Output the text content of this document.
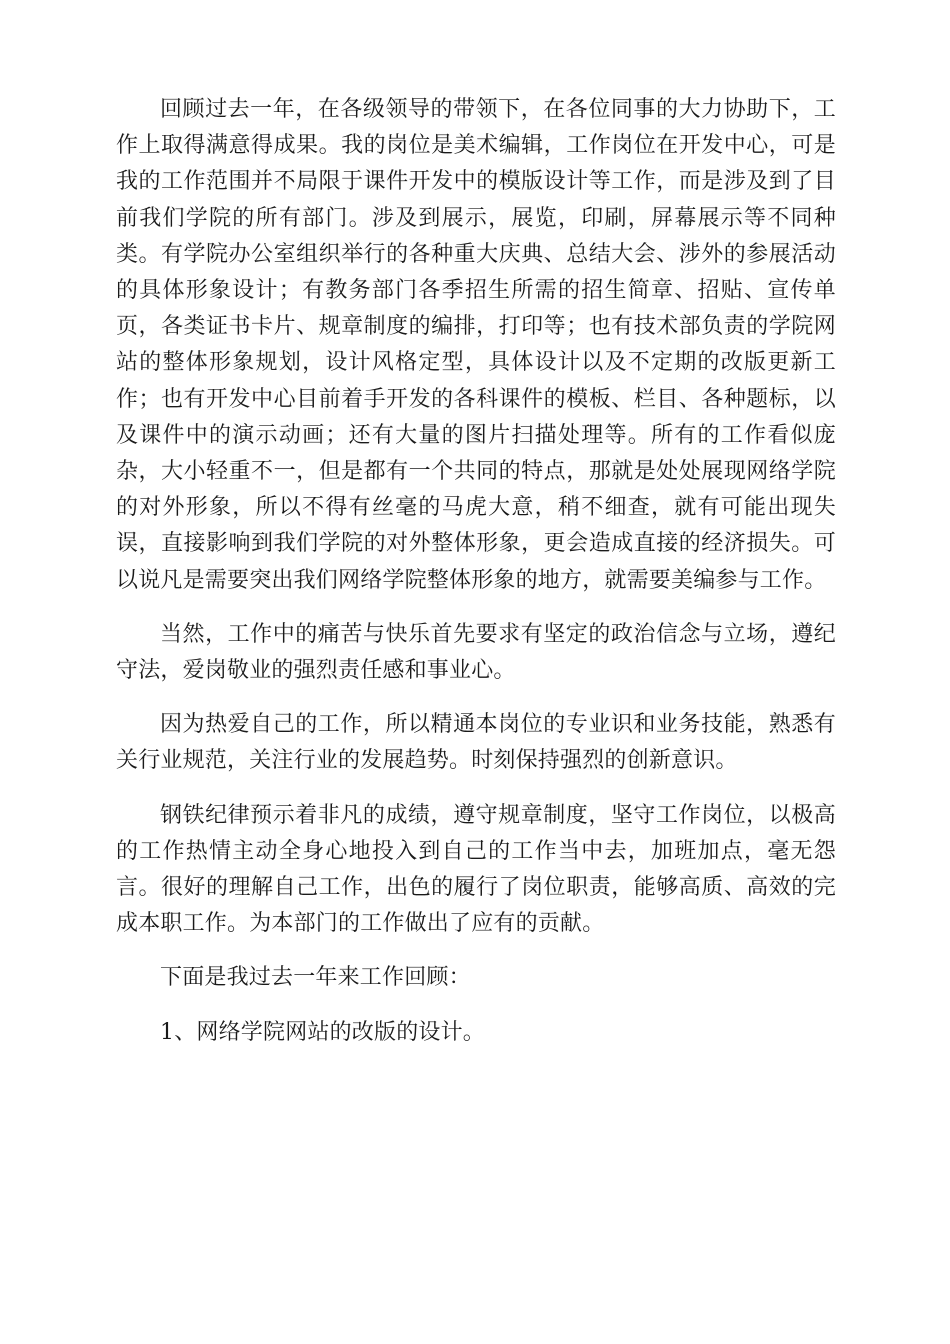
回顾过去一年，在各级领导的带领下，在各位同事的大力协助下，工作上取得满意得成果。我的岗位是美术编辑，工作岗位在开发中心，可是我的工作范围并不局限于课件开发中的模版设计等工作，而是涉及到了目前我们学院的所有部门。涉及到展示，展览，印刷，屏幕展示等不同种类。有学院办公室组织举行的各种重大庆典、总结大会、涉外的参展活动的具体形象设计；有教务部门各季招生所需的招生简章、招贴、宣传单页，各类证书卡片、规章制度的编排，打印等；也有技术部负责的学院网站的整体形象规划，设计风格定型，具体设计以及不定期的改版更新工作；也有开发中心目前着手开发的各科课件的模板、栏目、各种题标，以及课件中的演示动画；还有大量的图片扫描处理等。所有的工作看似庞杂，大小轻重不一，但是都有一个共同的特点，那就是处处展现网络学院的对外形象，所以不得有丝毫的马虎大意，稍不细查，就有可能出现失误，直接影响到我们学院的对外整体形象，更会造成直接的经济损失。可以说凡是需要突出我们网络学院整体形象的地方，就需要美编参与工作。

当然，工作中的痛苦与快乐首先要求有坚定的政治信念与立场，遵纪守法，爱岗敬业的强烈责任感和事业心。

因为热爱自己的工作，所以精通本岗位的专业识和业务技能，熟悉有关行业规范，关注行业的发展趋势。时刻保持强烈的创新意识。

钢铁纪律预示着非凡的成绩，遵守规章制度，坚守工作岗位，以极高的工作热情主动全身心地投入到自己的工作当中去，加班加点，毫无怨言。很好的理解自己工作，出色的履行了岗位职责，能够高质、高效的完成本职工作。为本部门的工作做出了应有的贡献。

下面是我过去一年来工作回顾：

1、网络学院网站的改版的设计。
